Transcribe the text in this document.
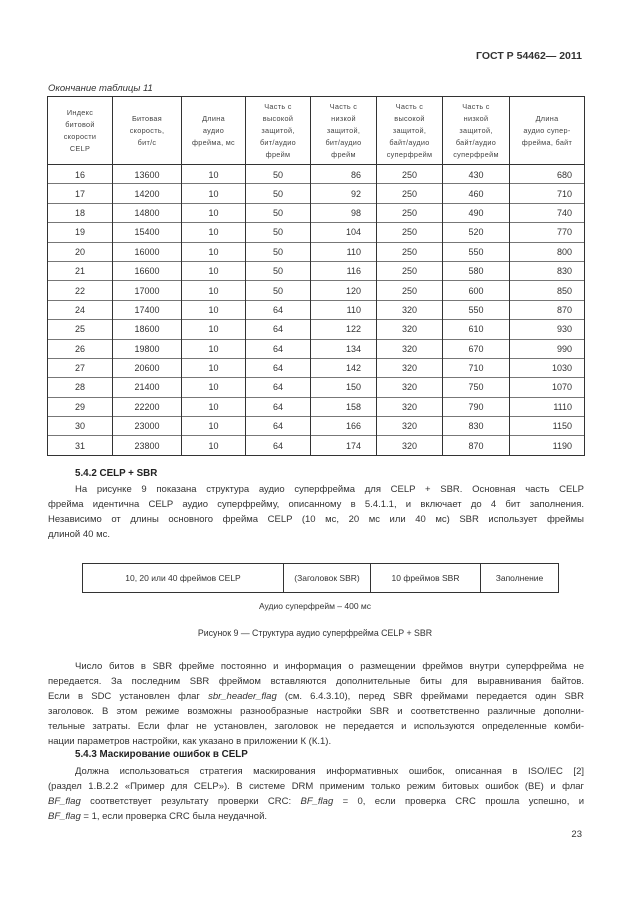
ГОСТ Р 54462— 2011
Окончание таблицы 11
Индекс
битовой
скорости
CELP	Битовая
скорость,
бит/с	Длина
аудио
фрейма, мс	Часть с
высокой
защитой,
бит/аудио
фрейм	Часть с
низкой
защитой,
бит/аудио
фрейм	Часть с
высокой
защитой,
байт/аудио
суперфрейм	Часть с
низкой
защитой,
байт/аудио
суперфрейм	Длина
аудио супер-
фрейма, байт
16	13600	10	50	86	250	430	680
17	14200	10	50	92	250	460	710
18	14800	10	50	98	250	490	740
19	15400	10	50	104	250	520	770
20	16000	10	50	110	250	550	800
21	16600	10	50	116	250	580	830
22	17000	10	50	120	250	600	850
24	17400	10	64	110	320	550	870
25	18600	10	64	122	320	610	930
26	19800	10	64	134	320	670	990
27	20600	10	64	142	320	710	1030
28	21400	10	64	150	320	750	1070
29	22200	10	64	158	320	790	1110
30	23000	10	64	166	320	830	1150
31	23800	10	64	174	320	870	1190
5.4.2 CELP + SBR
На рисунке 9 показана структура аудио суперфрейма для CELP + SBR. Основная часть CELP
фрейма идентична CELP аудио суперфрейму, описанному в 5.4.1.1, и включает до 4 бит заполнения.
Независимо от длины основного фрейма CELP (10 мс, 20 мс или 40 мс) SBR использует фреймы
длиной 40 мс.
10, 20 или 40 фреймов CELP	(Заголовок SBR)	10 фреймов SBR	Заполнение
Аудио суперфрейм – 400 мс
Рисунок 9 — Структура аудио суперфрейма CELP + SBR
Число битов в SBR фрейме постоянно и информация о размещении фреймов внутри суперфрейма не
передается. За последним SBR фреймом вставляются дополнительные биты для выравнивания байтов.
Если в SDC установлен флаг sbr_header_flag (см. 6.4.3.10), перед SBR фреймами передается один SBR
заголовок. В этом режиме возможны разнообразные настройки SBR и соответственно различные дополни-
тельные затраты. Если флаг не установлен, заголовок не передается и используются определенные комби-
нации параметров настройки, как указано в приложении К (К.1).
5.4.3 Маскирование ошибок в CELP
Должна использоваться стратегия маскирования информативных ошибок, описанная в ISO/IEC [2]
(раздел 1.В.2.2 «Пример для CELP»). В системе DRM применим только режим битовых ошибок (BE) и флаг
BF_flag соответствует результату проверки CRC: BF_flag = 0, если проверка CRC прошла успешно, и
BF_flag = 1, если проверка CRC была неудачной.
23
